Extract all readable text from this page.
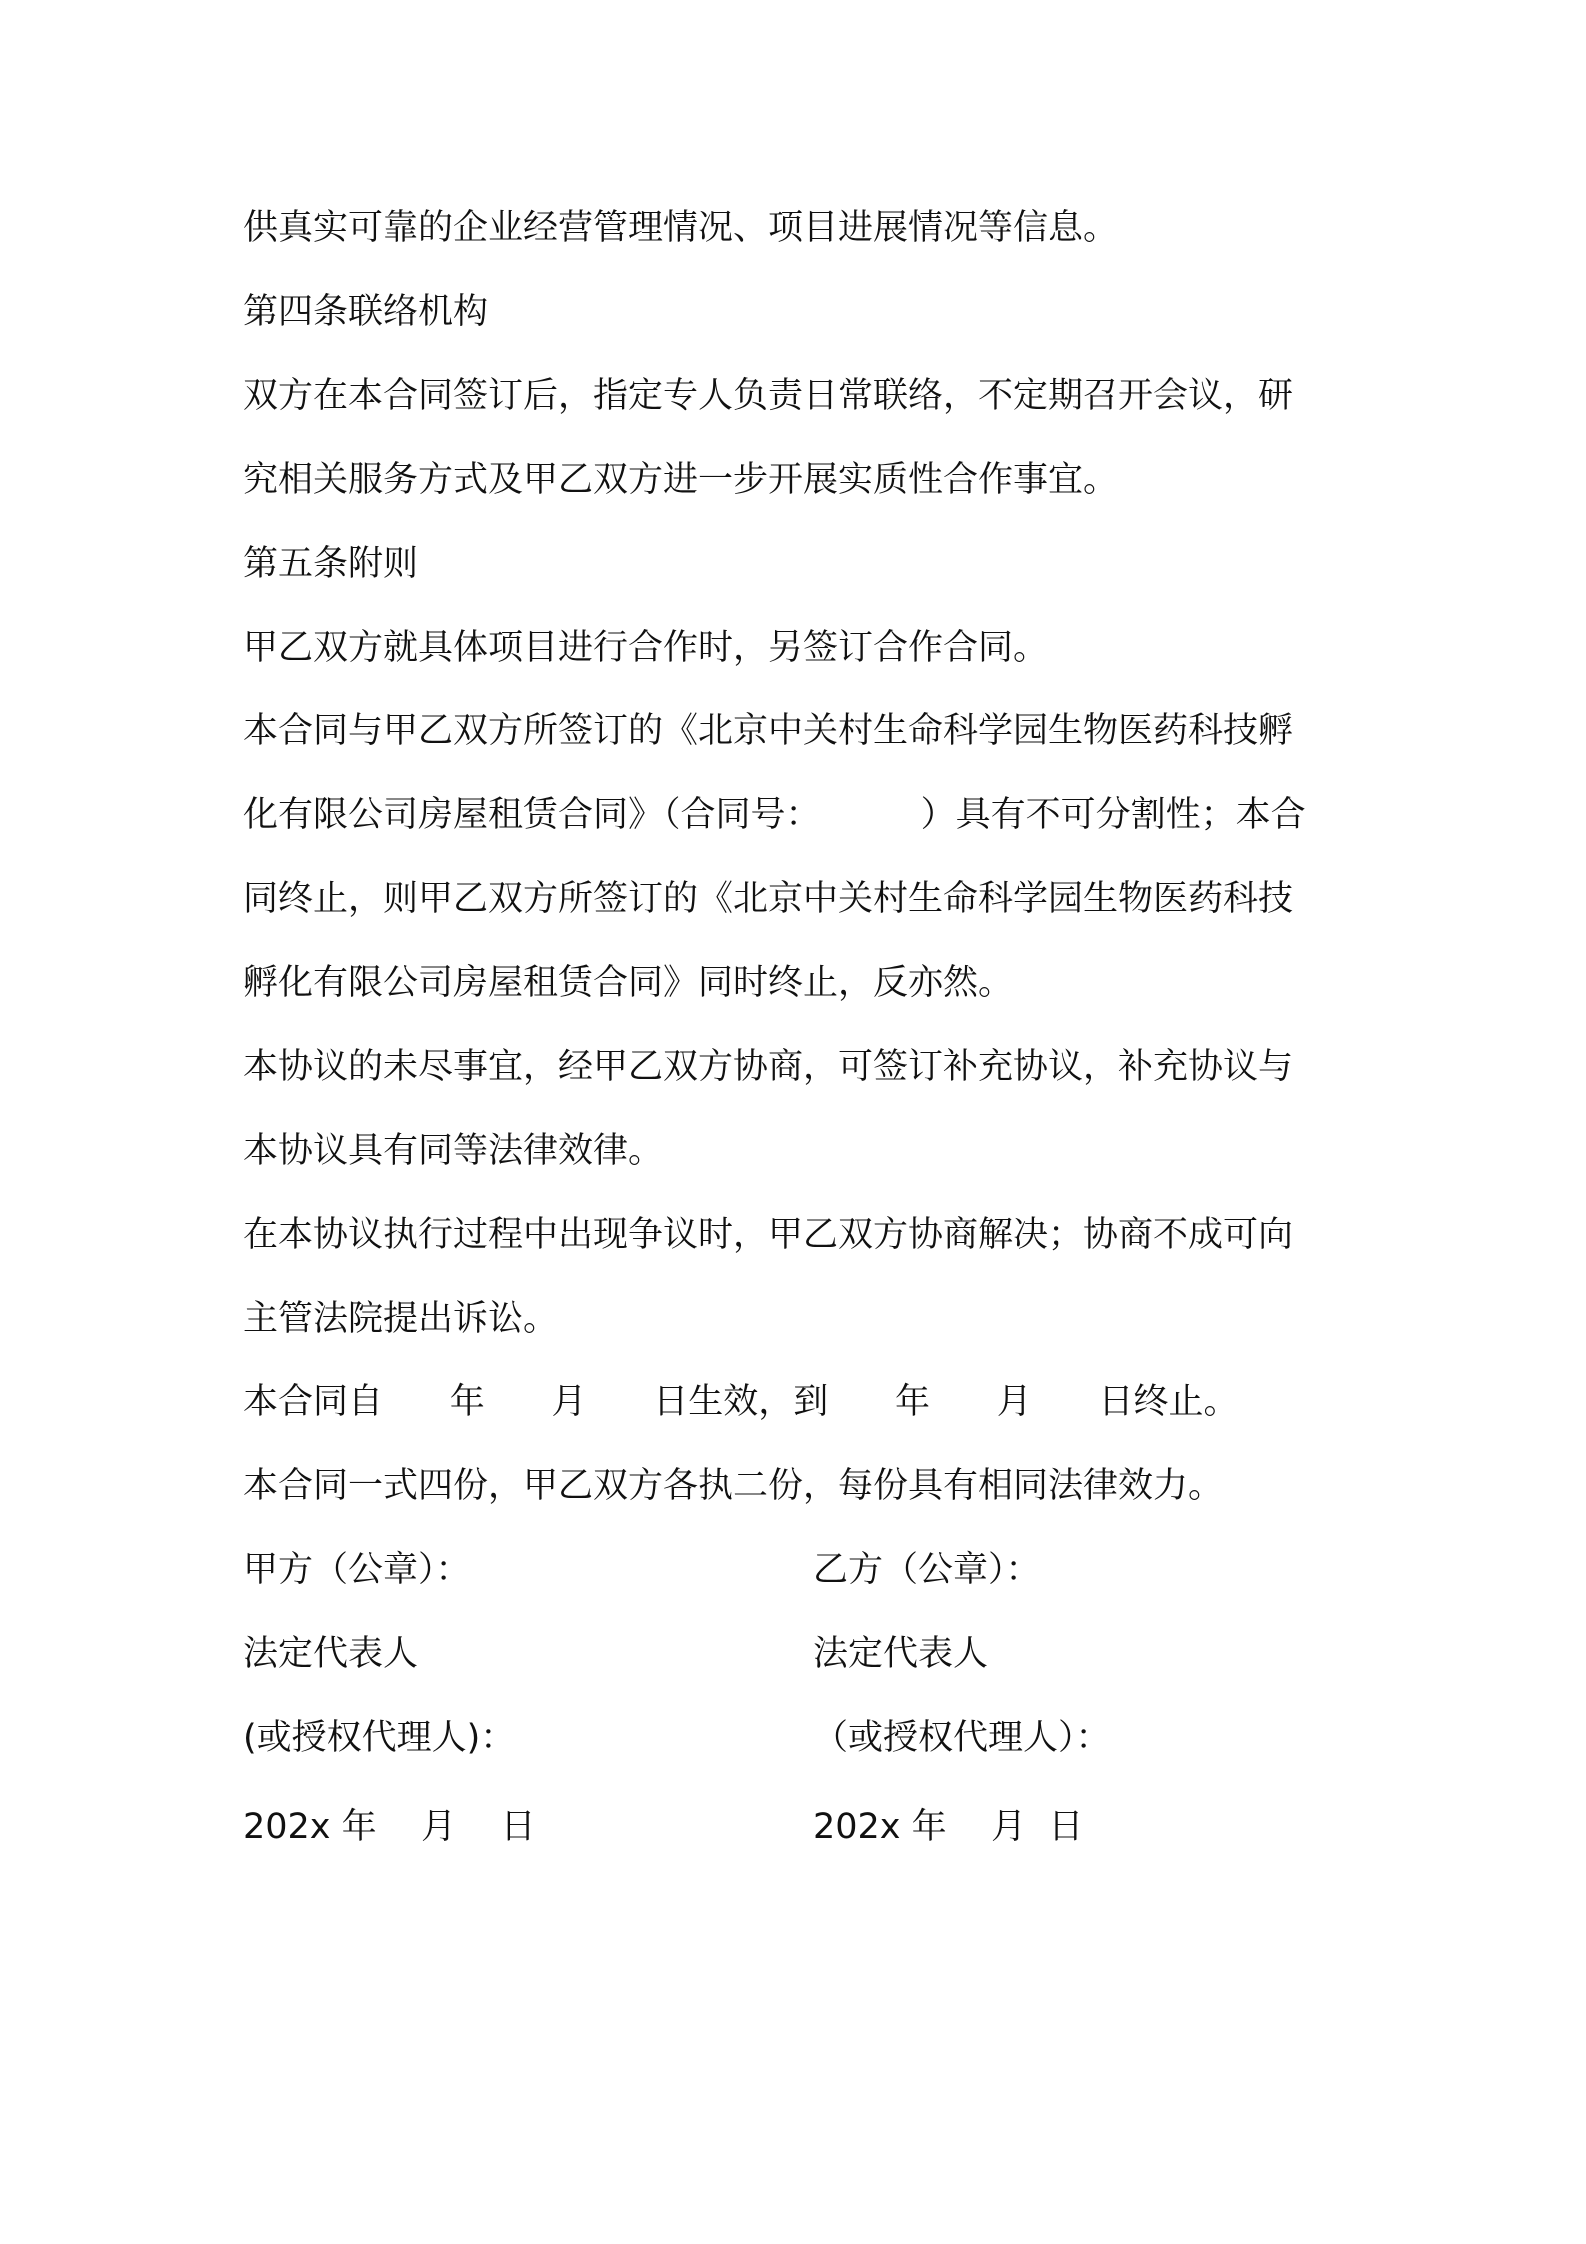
供真实可靠的企业经营管理情况、项目进展情况等信息。
第四条联络机构
双方在本合同签订后，指定专人负责日常联络，不定期召开会议，研
究相关服务方式及甲乙双方进一步开展实质性合作事宜。
第五条附则
甲乙双方就具体项目进行合作时，另签订合作合同。
本合同与甲乙双方所签订的《北京中关村生命科学园生物医药科技孵
化有限公司房屋租赁合同》（合同号：         ）具有不可分割性；本合
同终止，则甲乙双方所签订的《北京中关村生命科学园生物医药科技
孵化有限公司房屋租赁合同》同时终止，反亦然。
本协议的未尽事宜，经甲乙双方协商，可签订补充协议，补充协议与
本协议具有同等法律效律。
在本协议执行过程中出现争议时，甲乙双方协商解决；协商不成可向
主管法院提出诉讼。
本合同自      年      月      日生效，到      年      月      日终止。
本合同一式四份，甲乙双方各执二份，每份具有相同法律效力。
甲方（公章）：	乙方（公章）：
法定代表人	法定代表人
(或授权代理人)：	（或授权代理人）：
202x 年    月    日	202x 年    月  日
